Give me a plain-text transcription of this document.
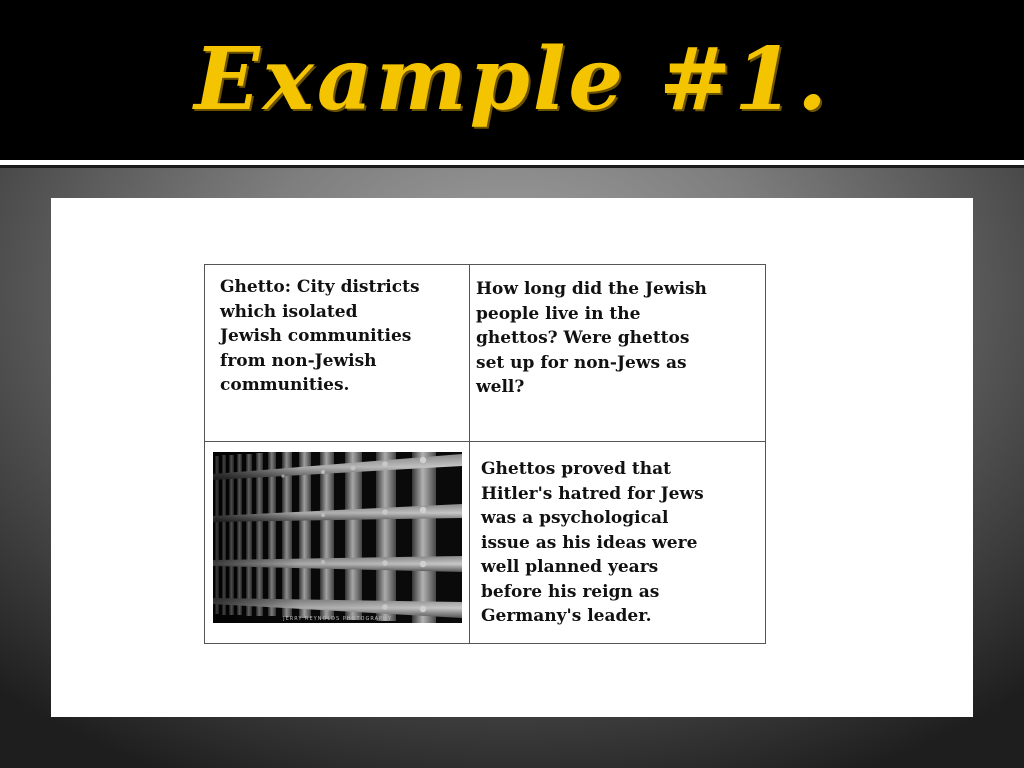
Example #1.

Ghetto: City districts
which isolated
Jewish communities
from non-Jewish
communities.

How long did the Jewish
people live in the
ghettos? Were ghettos
set up for non-Jews as
well?

Ghettos proved that
Hitler's hatred for Jews
was a psychological
issue as his ideas were
well planned years
before his reign as
Germany's leader.

JERRY REYNOLDS PHOTOGRAPHY
